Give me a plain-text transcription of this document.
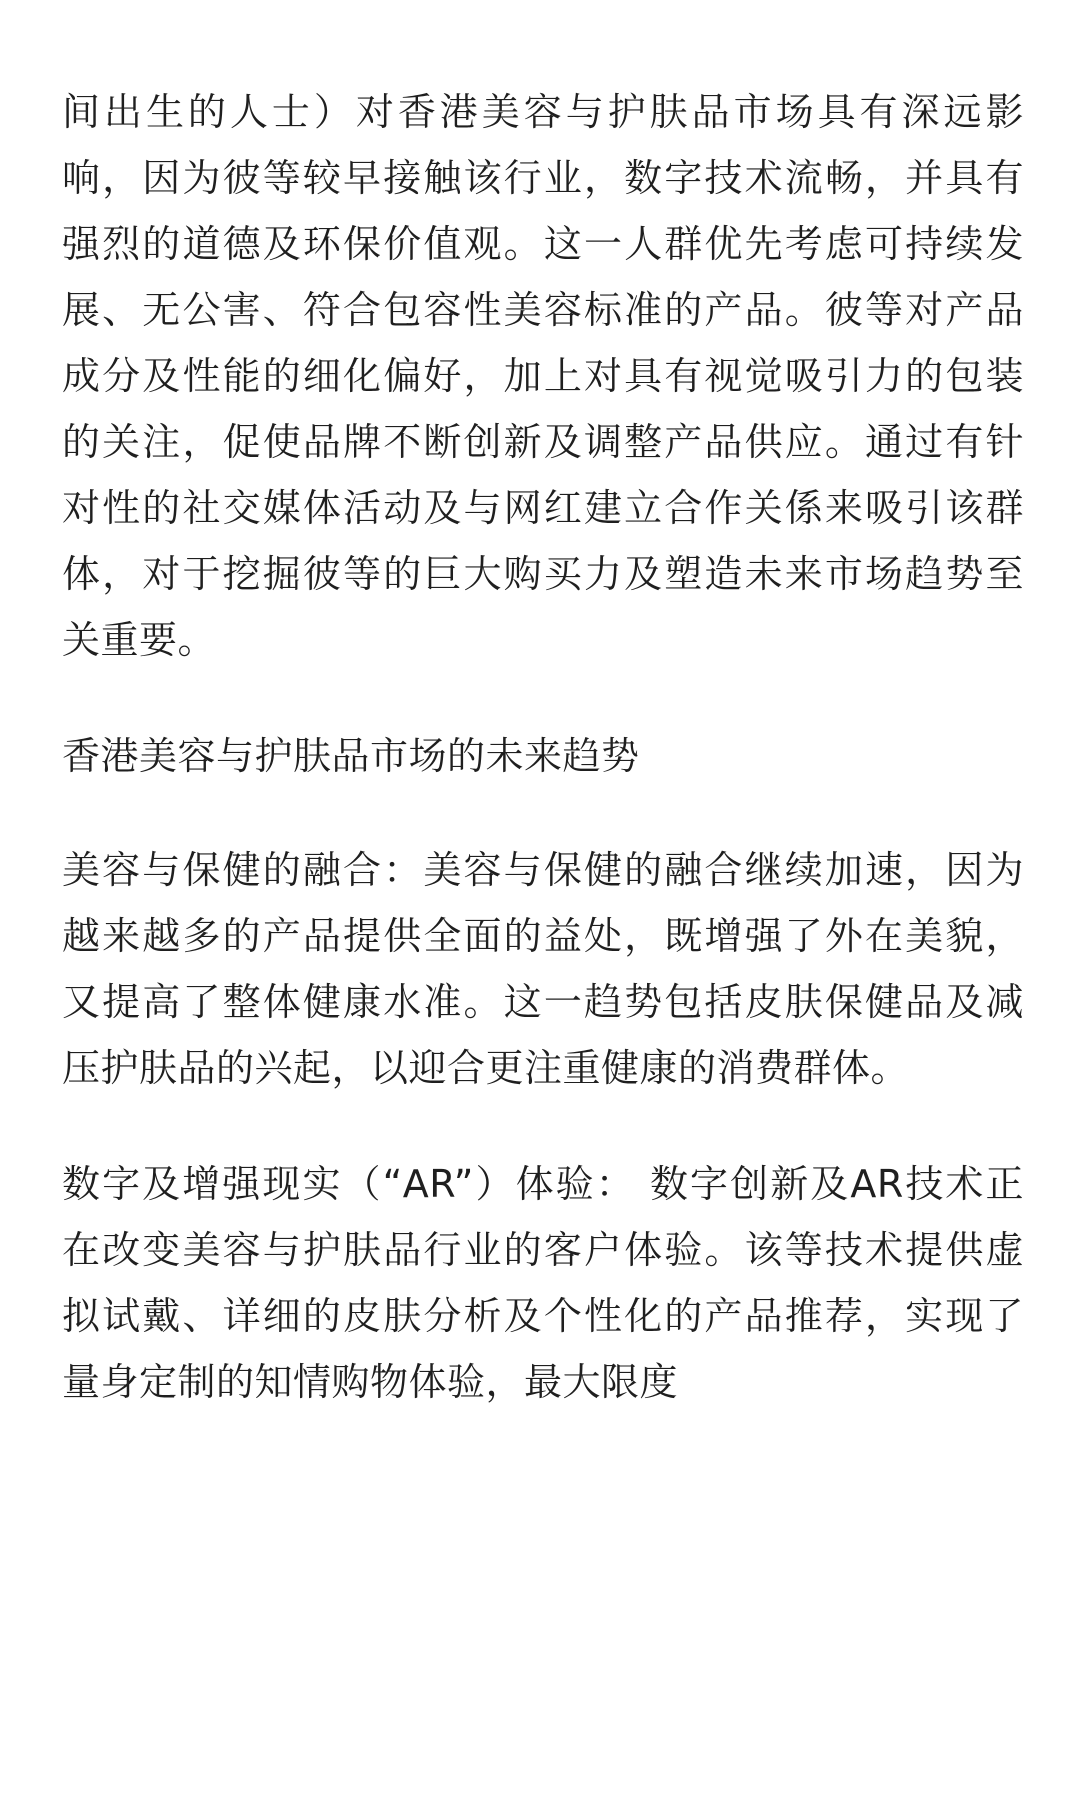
间出生的人士）对香港美容与护肤品市场具有深远影响，因为彼等较早接触该行业，数字技术流畅，并具有强烈的道德及环保价值观。这一人群优先考虑可持续发展、无公害、符合包容性美容标准的产品。彼等对产品成分及性能的细化偏好，加上对具有视觉吸引力的包装的关注，促使品牌不断创新及调整产品供应。通过有针对性的社交媒体活动及与网红建立合作关係来吸引该群体，对于挖掘彼等的巨大购买力及塑造未来市场趋势至关重要。

香港美容与护肤品市场的未来趋势

美容与保健的融合：美容与保健的融合继续加速，因为越来越多的产品提供全面的益处，既增强了外在美貌，又提高了整体健康水准。这一趋势包括皮肤保健品及减压护肤品的兴起，以迎合更注重健康的消费群体。

数字及增强现实（“AR”）体验： 数字创新及AR技术正在改变美容与护肤品行业的客户体验。该等技术提供虚拟试戴、详细的皮肤分析及个性化的产品推荐，实现了量身定制的知情购物体验，最大限度
